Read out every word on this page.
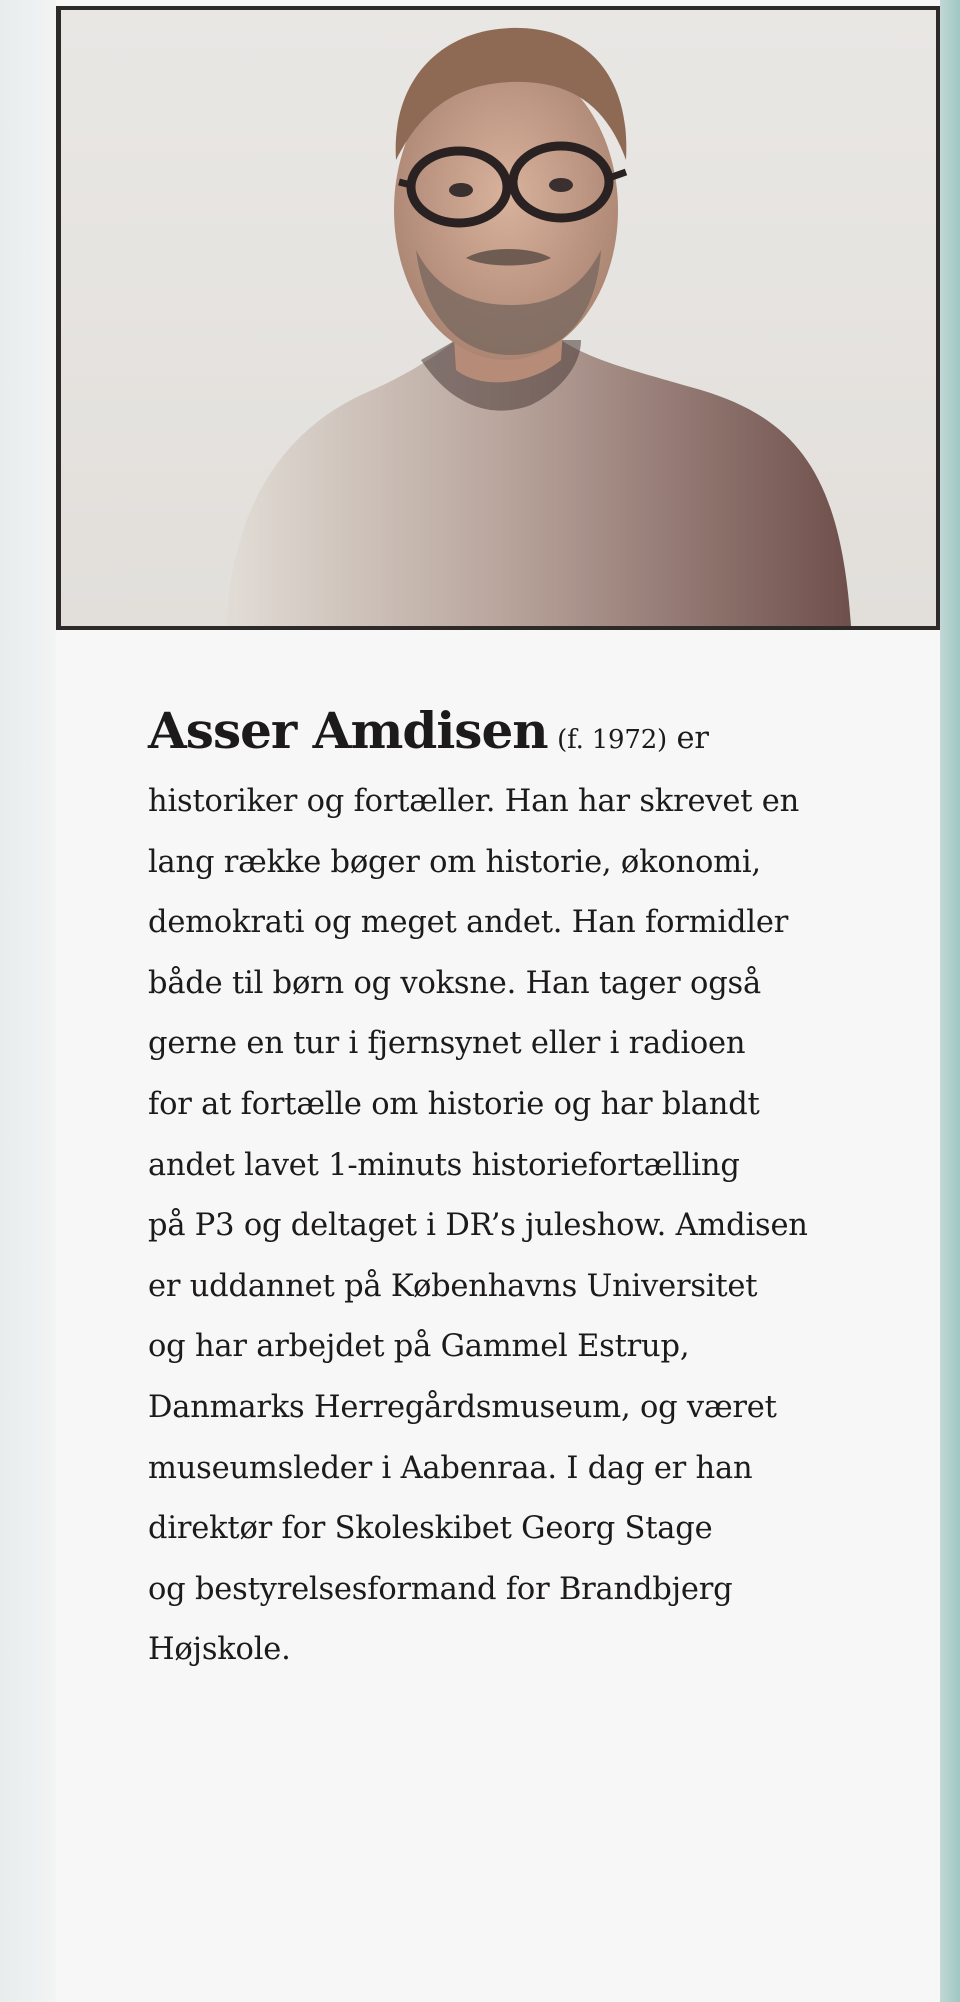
Asser Amdisen (f. 1972) er
historiker og fortæller. Han har skrevet en
lang række bøger om historie, økonomi,
demokrati og meget andet. Han formidler
både til børn og voksne. Han tager også
gerne en tur i fjernsynet eller i radioen
for at fortælle om historie og har blandt
andet lavet 1-minuts historiefortælling
på P3 og deltaget i DR’s juleshow. Amdisen
er uddannet på Københavns Universitet
og har arbejdet på Gammel Estrup,
Danmarks Herregårdsmuseum, og været
museumsleder i Aabenraa. I dag er han
direktør for Skoleskibet Georg Stage
og bestyrelsesformand for Brandbjerg
Højskole.
